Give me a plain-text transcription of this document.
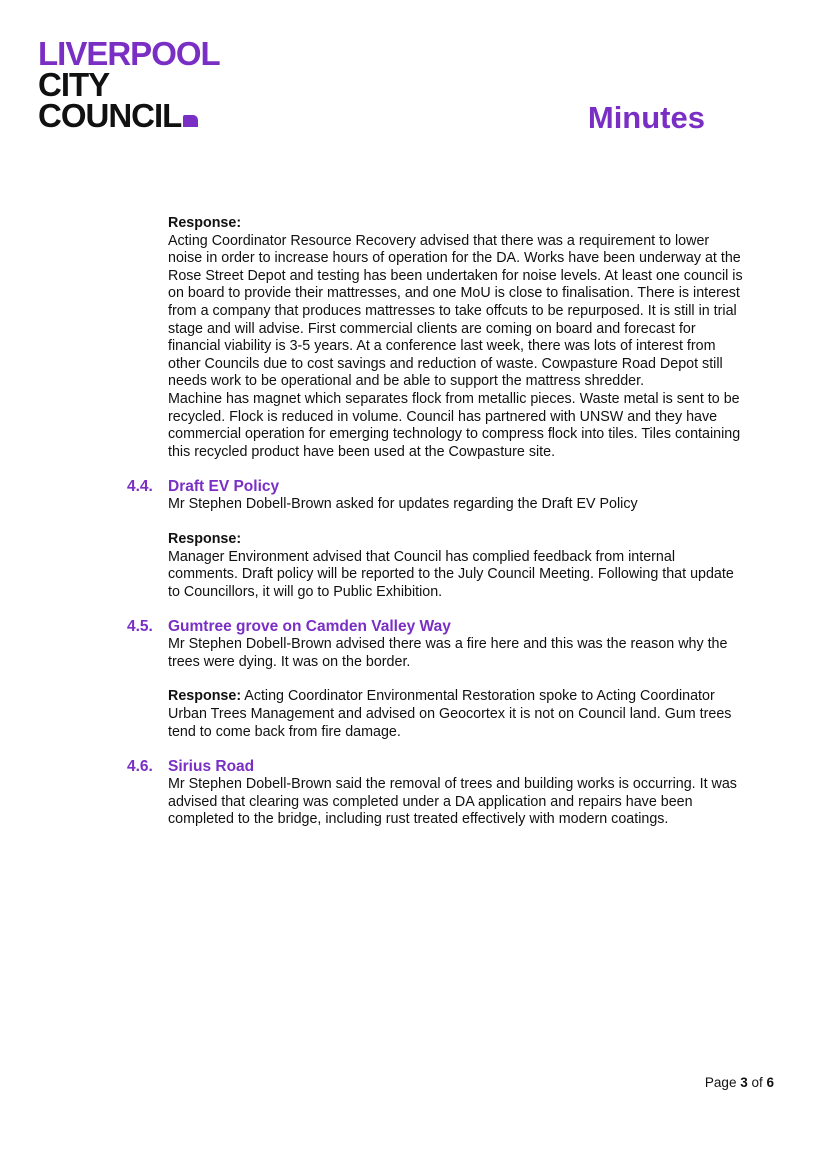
LIVERPOOL
CITY
COUNCIL	Minutes

Response:

Acting Coordinator Resource Recovery advised that there was a requirement to lower noise in order to increase hours of operation for the DA. Works have been underway at the Rose Street Depot and testing has been undertaken for noise levels. At least one council is on board to provide their mattresses, and one MoU is close to finalisation. There is interest from a company that produces mattresses to take offcuts to be repurposed. It is still in trial stage and will advise. First commercial clients are coming on board and forecast for financial viability is 3-5 years. At a conference last week, there was lots of interest from other Councils due to cost savings and reduction of waste. Cowpasture Road Depot still needs work to be operational and be able to support the mattress shredder.

Machine has magnet which separates flock from metallic pieces. Waste metal is sent to be recycled. Flock is reduced in volume. Council has partnered with UNSW and they have commercial operation for emerging technology to compress flock into tiles. Tiles containing this recycled product have been used at the Cowpasture site.

4.4. Draft EV Policy

Mr Stephen Dobell-Brown asked for updates regarding the Draft EV Policy

Response:

Manager Environment advised that Council has complied feedback from internal comments. Draft policy will be reported to the July Council Meeting. Following that update to Councillors, it will go to Public Exhibition.

4.5. Gumtree grove on Camden Valley Way

Mr Stephen Dobell-Brown advised there was a fire here and this was the reason why the trees were dying. It was on the border.

Response: Acting Coordinator Environmental Restoration spoke to Acting Coordinator Urban Trees Management and advised on Geocortex it is not on Council land. Gum trees tend to come back from fire damage.

4.6. Sirius Road

Mr Stephen Dobell-Brown said the removal of trees and building works is occurring. It was advised that clearing was completed under a DA application and repairs have been completed to the bridge, including rust treated effectively with modern coatings.

Page 3 of 6
